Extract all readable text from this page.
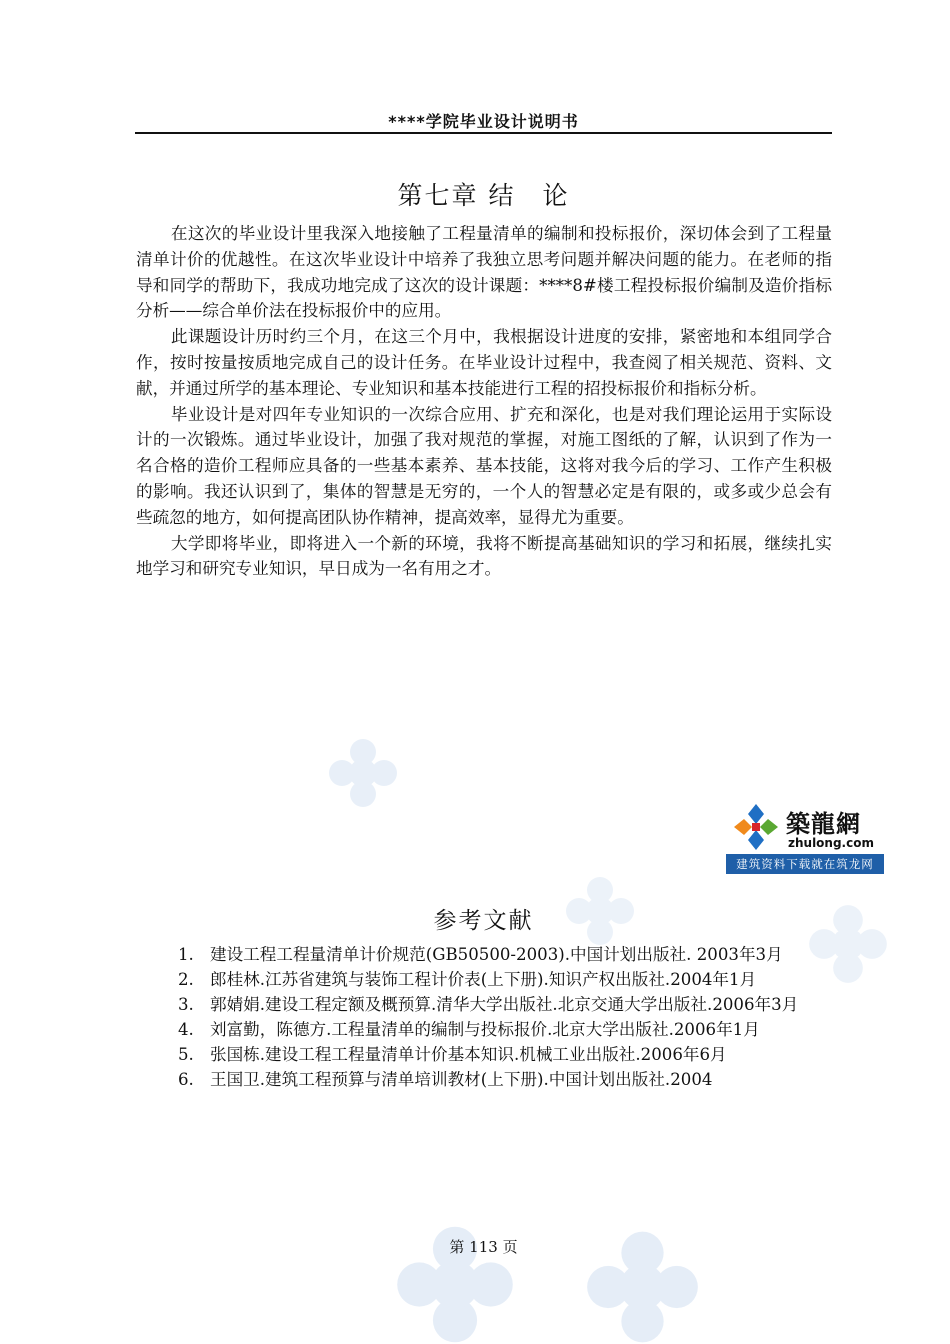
****学院毕业设计说明书
第七章 结　论

在这次的毕业设计里我深入地接触了工程量清单的编制和投标报价，深切体会到了工程量清单计价的优越性。在这次毕业设计中培养了我独立思考问题并解决问题的能力。在老师的指导和同学的帮助下，我成功地完成了这次的设计课题：****8#楼工程投标报价编制及造价指标分析——综合单价法在投标报价中的应用。

此课题设计历时约三个月，在这三个月中，我根据设计进度的安排，紧密地和本组同学合作，按时按量按质地完成自己的设计任务。在毕业设计过程中，我查阅了相关规范、资料、文献，并通过所学的基本理论、专业知识和基本技能进行工程的招投标报价和指标分析。

毕业设计是对四年专业知识的一次综合应用、扩充和深化，也是对我们理论运用于实际设计的一次锻炼。通过毕业设计，加强了我对规范的掌握，对施工图纸的了解，认识到了作为一名合格的造价工程师应具备的一些基本素养、基本技能，这将对我今后的学习、工作产生积极的影响。我还认识到了，集体的智慧是无穷的，一个人的智慧必定是有限的，或多或少总会有些疏忽的地方，如何提高团队协作精神，提高效率，显得尤为重要。

大学即将毕业，即将进入一个新的环境，我将不断提高基础知识的学习和拓展，继续扎实地学习和研究专业知识，早日成为一名有用之才。

築龍網
zhulong.com
建筑资料下载就在筑龙网
参考文献
1. 建设工程工程量清单计价规范(GB50500-2003).中国计划出版社. 2003年3月
2. 郎桂林.江苏省建筑与装饰工程计价表(上下册).知识产权出版社.2004年1月
3. 郭婧娟.建设工程定额及概预算.清华大学出版社.北京交通大学出版社.2006年3月
4. 刘富勤，陈德方.工程量清单的编制与投标报价.北京大学出版社.2006年1月
5. 张国栋.建设工程工程量清单计价基本知识.机械工业出版社.2006年6月
6. 王国卫.建筑工程预算与清单培训教材(上下册).中国计划出版社.2004
第 113 页
